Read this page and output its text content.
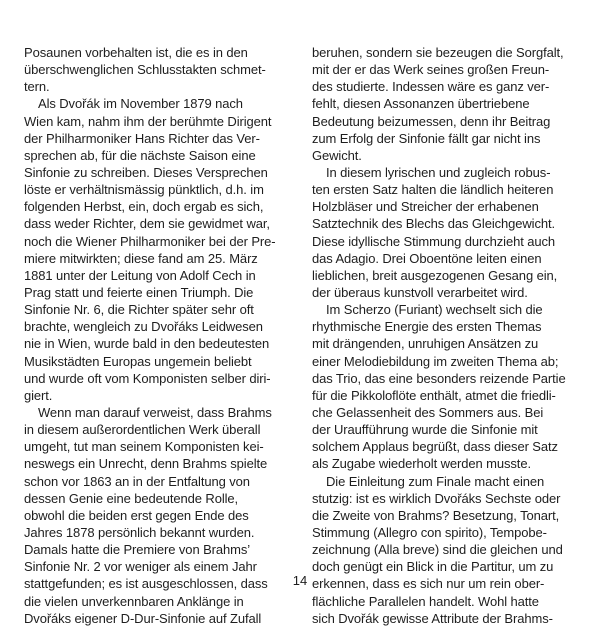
Posaunen vorbehalten ist, die es in den
überschwenglichen Schlusstakten schmet-
tern.
Als Dvořák im November 1879 nach
Wien kam, nahm ihm der berühmte Dirigent
der Philharmoniker Hans Richter das Ver-
sprechen ab, für die nächste Saison eine
Sinfonie zu schreiben. Dieses Versprechen
löste er verhältnismässig pünktlich, d.h. im
folgenden Herbst, ein, doch ergab es sich,
dass weder Richter, dem sie gewidmet war,
noch die Wiener Philharmoniker bei der Pre-
miere mitwirkten; diese fand am 25. März
1881 unter der Leitung von Adolf Cech in
Prag statt und feierte einen Triumph. Die
Sinfonie Nr. 6, die Richter später sehr oft
brachte, wengleich zu Dvořáks Leidwesen
nie in Wien, wurde bald in den bedeutesten
Musikstädten Europas ungemein beliebt
und wurde oft vom Komponisten selber diri-
giert.
Wenn man darauf verweist, dass Brahms
in diesem außerordentlichen Werk überall
umgeht, tut man seinem Komponisten kei-
neswegs ein Unrecht, denn Brahms spielte
schon vor 1863 an in der Entfaltung von
dessen Genie eine bedeutende Rolle,
obwohl die beiden erst gegen Ende des
Jahres 1878 persönlich bekannt wurden.
Damals hatte die Premiere von Brahms’
Sinfonie Nr. 2 vor weniger als einem Jahr
stattgefunden; es ist ausgeschlossen, dass
die vielen unverkennbaren Anklänge in
Dvořáks eigener D-Dur-Sinfonie auf Zufall
beruhen, sondern sie bezeugen die Sorgfalt,
mit der er das Werk seines großen Freun-
des studierte. Indessen wäre es ganz ver-
fehlt, diesen Assonanzen übertriebene
Bedeutung beizumessen, denn ihr Beitrag
zum Erfolg der Sinfonie fällt gar nicht ins
Gewicht.
In diesem lyrischen und zugleich robus-
ten ersten Satz halten die ländlich heiteren
Holzbläser und Streicher der erhabenen
Satztechnik des Blechs das Gleichgewicht.
Diese idyllische Stimmung durchzieht auch
das Adagio. Drei Oboentöne leiten einen
lieblichen, breit ausgezogenen Gesang ein,
der überaus kunstvoll verarbeitet wird.
Im Scherzo (Furiant) wechselt sich die
rhythmische Energie des ersten Themas
mit drängenden, unruhigen Ansätzen zu
einer Melodiebildung im zweiten Thema ab;
das Trio, das eine besonders reizende Partie
für die Pikkoloflöte enthält, atmet die friedli-
che Gelassenheit des Sommers aus. Bei
der Uraufführung wurde die Sinfonie mit
solchem Applaus begrüßt, dass dieser Satz
als Zugabe wiederholt werden musste.
Die Einleitung zum Finale macht einen
stutzig: ist es wirklich Dvořáks Sechste oder
die Zweite von Brahms? Besetzung, Tonart,
Stimmung (Allegro con spirito), Tempobe-
zeichnung (Alla breve) sind die gleichen und
doch genügt ein Blick in die Partitur, um zu
erkennen, dass es sich nur um rein ober-
flächliche Parallelen handelt. Wohl hatte
sich Dvořák gewisse Attribute der Brahms-
14
